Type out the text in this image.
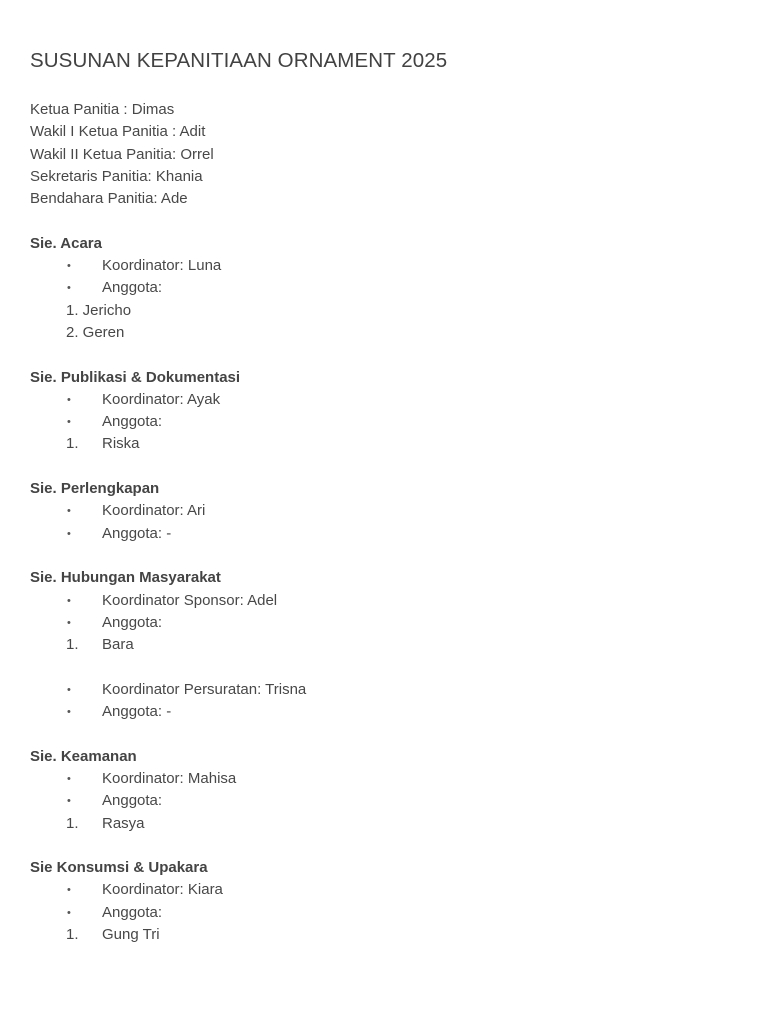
SUSUNAN KEPANITIAAN ORNAMENT 2025
Ketua Panitia : Dimas
Wakil I Ketua Panitia : Adit
Wakil II Ketua Panitia: Orrel
Sekretaris Panitia: Khania
Bendahara Panitia: Ade
Sie. Acara
•	Koordinator: Luna
•	Anggota:
1. Jericho
2. Geren
Sie. Publikasi & Dokumentasi
•	Koordinator: Ayak
•	Anggota:
1. Riska
Sie. Perlengkapan
•	Koordinator: Ari
•	Anggota: -
Sie. Hubungan Masyarakat
•	Koordinator Sponsor: Adel
•	Anggota:
1. Bara
•	Koordinator Persuratan: Trisna
•	Anggota: -
Sie. Keamanan
•	Koordinator: Mahisa
•	Anggota:
1. Rasya
Sie Konsumsi & Upakara
•	Koordinator: Kiara
•	Anggota:
1. Gung Tri
